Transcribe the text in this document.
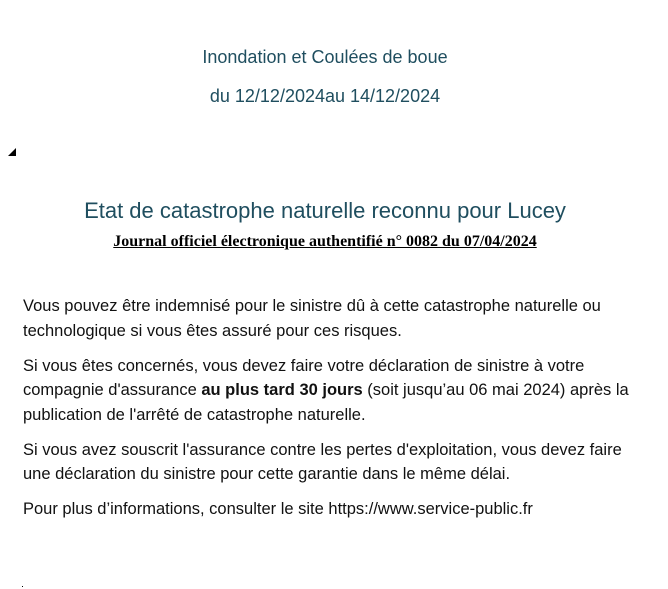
Inondation et Coulées de boue
du 12/12/2024au 14/12/2024
Etat de catastrophe naturelle reconnu pour Lucey
Journal officiel électronique authentifié n° 0082 du 07/04/2024

Vous pouvez être indemnisé pour le sinistre dû à cette catastrophe naturelle ou technologique si vous êtes assuré pour ces risques.

Si vous êtes concernés, vous devez faire votre déclaration de sinistre à votre compagnie d'assurance au plus tard 30 jours (soit jusqu’au 06 mai 2024) après la publication de l'arrêté de catastrophe naturelle.

Si vous avez souscrit l'assurance contre les pertes d'exploitation, vous devez faire une déclaration du sinistre pour cette garantie dans le même délai.

Pour plus d’informations, consulter le site https://www.service-public.fr
